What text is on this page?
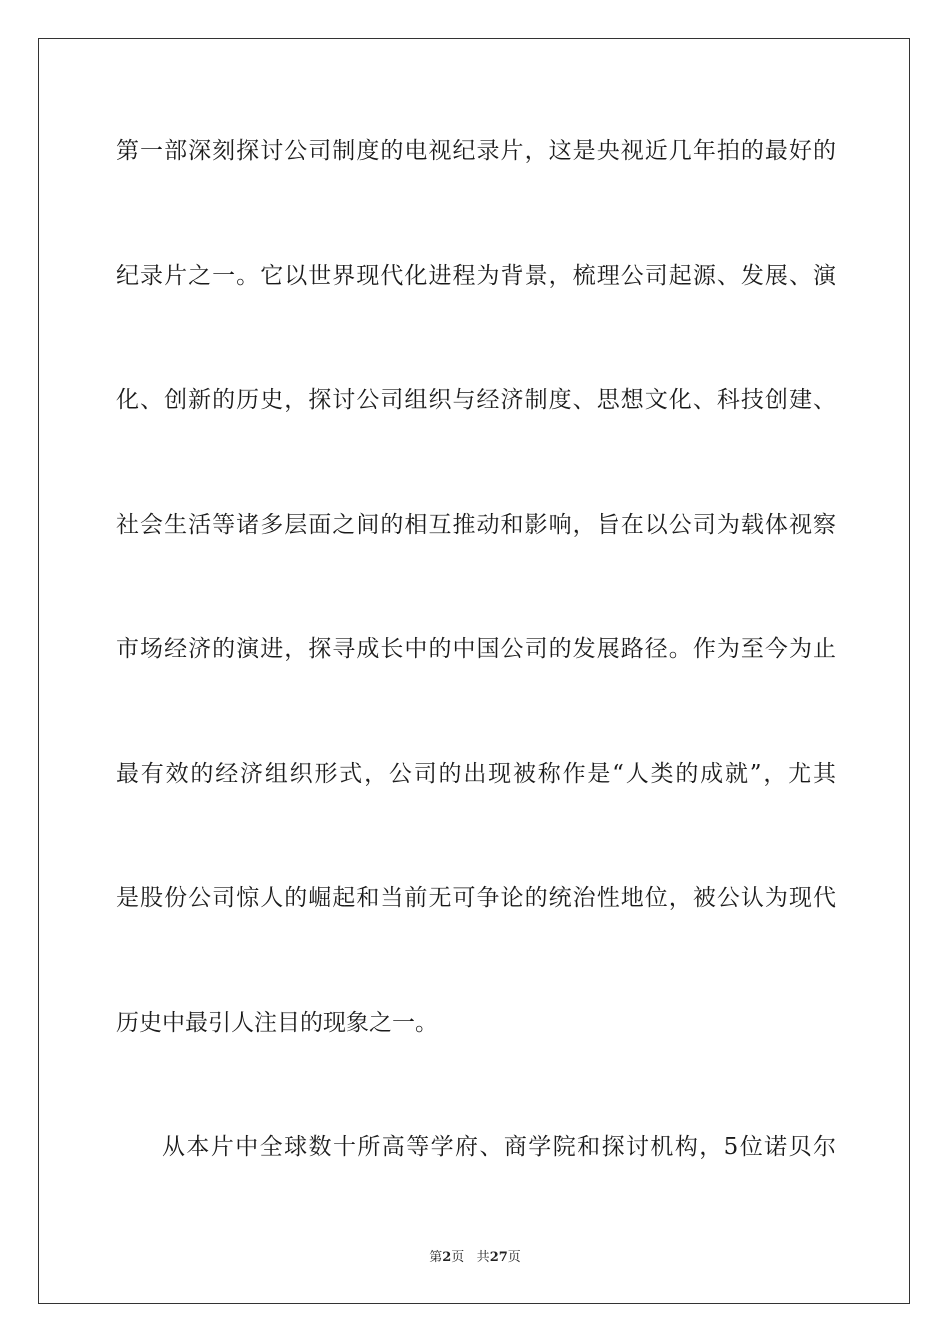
第一部深刻探讨公司制度的电视纪录片，这是央视近几年拍的最好的
纪录片之一。它以世界现代化进程为背景，梳理公司起源、发展、演
化、创新的历史，探讨公司组织与经济制度、思想文化、科技创建、
社会生活等诸多层面之间的相互推动和影响，旨在以公司为载体视察
市场经济的演进，探寻成长中的中国公司的发展路径。作为至今为止
最有效的经济组织形式，公司的出现被称作是“人类的成就”，尤其
是股份公司惊人的崛起和当前无可争论的统治性地位，被公认为现代
历史中最引人注目的现象之一。
从本片中全球数十所高等学府、商学院和探讨机构，5位诺贝尔
第2页 共27页
